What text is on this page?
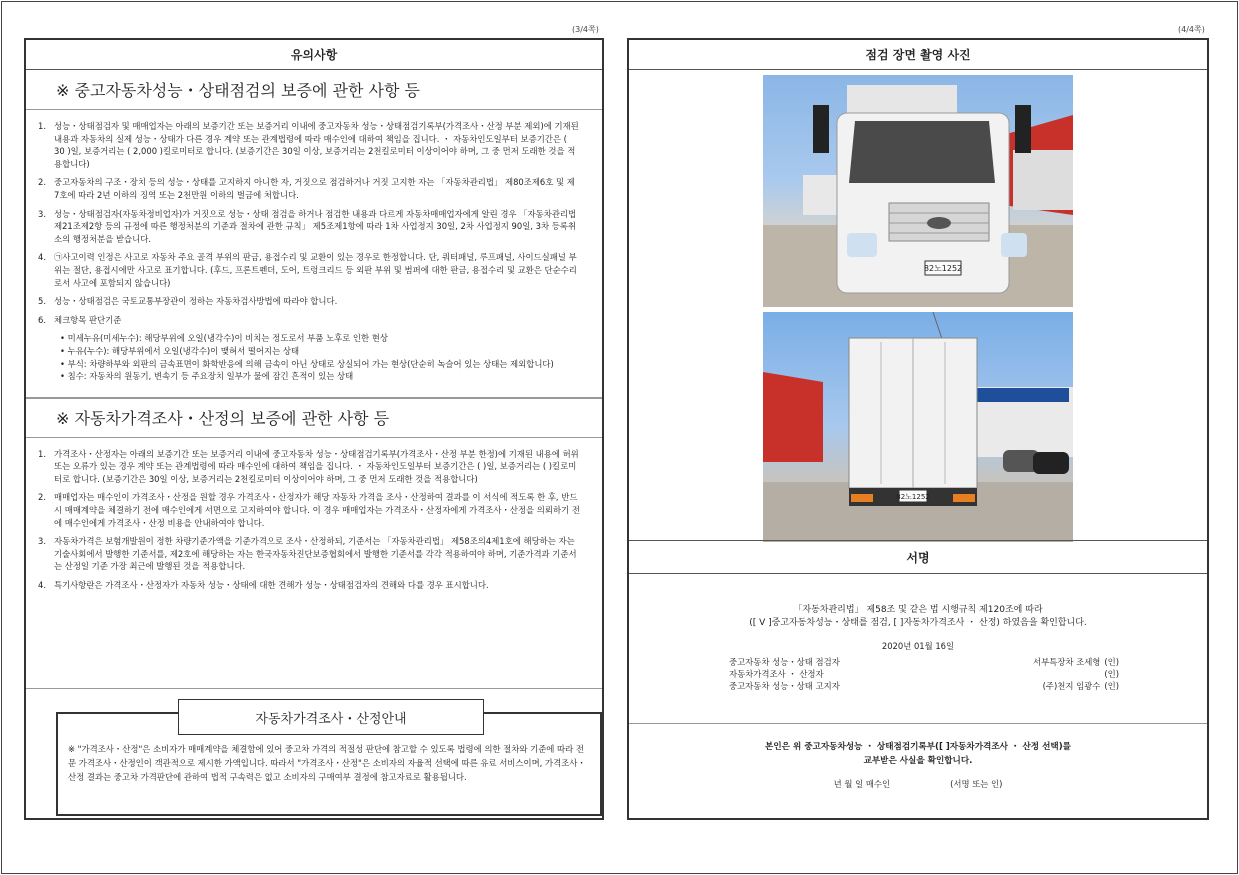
(3/4쪽)
유의사항
※ 중고자동차성능・상태점검의 보증에 관한 사항 등
1. 성능・상태점검자 및 매매업자는 아래의 보증기간 또는 보증거리 이내에 중고자동차 성능・상태점검기록부(가격조사・산정 부분 제외)에 기재된 내용과 자동차의 실제 성능・상태가 다른 경우 계약 또는 관계법령에 따라 매수인에 대하여 책임을 집니다. ・ 자동차인도일부터 보증기간은 ( 30 )일, 보증거리는 ( 2,000 )킬로미터로 합니다. (보증기간은 30일 이상, 보증거리는 2천킬로미터 이상이어야 하며, 그 중 먼저 도래한 것을 적용합니다)
2. 중고자동차의 구조・장치 등의 성능・상태를 고지하지 아니한 자, 거짓으로 점검하거나 거짓 고지한 자는 「자동차관리법」 제80조제6호 및 제7호에 따라 2년 이하의 징역 또는 2천만원 이하의 벌금에 처합니다.
3. 성능・상태점검자(자동차정비업자)가 거짓으로 성능・상태 점검을 하거나 점검한 내용과 다르게 자동차매매업자에게 알린 경우 「자동차관리법 제21조제2항 등의 규정에 따른 행정처분의 기준과 절차에 관한 규칙」 제5조제1항에 따라 1차 사업정지 30일, 2차 사업정지 90일, 3차 등록취소의 행정처분을 받습니다.
4. ㉠사고이력 인정은 사고로 자동차 주요 골격 부위의 판금, 용접수리 및 교환이 있는 경우로 한정합니다. 단, 쿼터패널, 루프패널, 사이드실패널 부위는 절단, 용접시에만 사고로 표기합니다. (후드, 프론트펜더, 도어, 트렁크리드 등 외판 부위 및 범퍼에 대한 판금, 용접수리 및 교환은 단순수리로서 사고에 포함되지 않습니다)
5. 성능・상태점검은 국토교통부장관이 정하는 자동차검사방법에 따라야 합니다.
6. 체크항목 판단기준
• 미세누유(미세누수): 해당부위에 오일(냉각수)이 비치는 정도로서 부품 노후로 인한 현상
• 누유(누수): 해당부위에서 오일(냉각수)이 맺혀서 떨어지는 상태
• 부식: 차량하부와 외판의 금속표면이 화학반응에 의해 금속이 아닌 상태로 상실되어 가는 현상(단순히 녹슬어 있는 상태는 제외합니다)
• 침수: 자동차의 원동기, 변속기 등 주요장치 일부가 물에 잠긴 흔적이 있는 상태
※ 자동차가격조사・산정의 보증에 관한 사항 등
1. 가격조사・산정자는 아래의 보증기간 또는 보증거리 이내에 중고자동차 성능・상태점검기록부(가격조사・산정 부분 한정)에 기재된 내용에 허위 또는 오류가 있는 경우 계약 또는 관계법령에 따라 매수인에 대하여 책임을 집니다. ・ 자동차인도일부터 보증기간은 ( )일, 보증거리는 ( )킬로미터로 합니다. (보증기간은 30일 이상, 보증거리는 2천킬로미터 이상이어야 하며, 그 중 먼저 도래한 것을 적용합니다)
2. 매매업자는 매수인이 가격조사・산정을 원할 경우 가격조사・산정자가 해당 자동차 가격을 조사・산정하여 결과를 이 서식에 적도록 한 후, 반드시 매매계약을 체결하기 전에 매수인에게 서면으로 고지하여야 합니다. 이 경우 매매업자는 가격조사・산정자에게 가격조사・산정을 의뢰하기 전에 매수인에게 가격조사・산정 비용을 안내하여야 합니다.
3. 자동차가격은 보험개발원이 정한 차량기준가액을 기준가격으로 조사・산정하되, 기준서는 「자동차관리법」 제58조의4제1호에 해당하는 자는 기술사회에서 발행한 기준서를, 제2호에 해당하는 자는 한국자동차진단보증협회에서 발행한 기준서를 각각 적용하여야 하며, 기준가격과 기준서는 산정일 기준 가장 최근에 발행된 것을 적용합니다.
4. 특기사항란은 가격조사・산정자가 자동차 성능・상태에 대한 견해가 성능・상태점검자의 견해와 다를 경우 표시합니다.
자동차가격조사・산정안내
※ "가격조사・산정"은 소비자가 매매계약을 체결함에 있어 중고차 가격의 적절성 판단에 참고할 수 있도록 법령에 의한 절차와 기준에 따라 전문 가격조사・산정인이 객관적으로 제시한 가액입니다. 따라서 "가격조사・산정"은 소비자의 자율적 선택에 따른 유료 서비스이며, 가격조사・산정 결과는 중고차 가격판단에 관하여 법적 구속력은 없고 소비자의 구매여부 결정에 참고자료로 활용됩니다.
(4/4쪽)
점검 장면 촬영 사진
82노1252
82노1252
서명
「자동차관리법」 제58조 및 같은 법 시행규칙 제120조에 따라
([ V ]중고자동차성능・상태를 점검, [ ]자동차가격조사 ・ 산정) 하였음을 확인합니다.
2020년 01월 16일
중고자동차 성능・상태 점검자	서부특장차 조세형 (인)
자동차가격조사 ・ 산정자	(인)
중고자동차 성능・상태 고지자	(주)천지 임광수 (인)
본인은 위 중고자동차성능 ・ 상태점검기록부([ ]자동차가격조사 ・ 산정 선택)를
교부받은 사실을 확인합니다.
년 월 일 매수인	(서명 또는 인)
